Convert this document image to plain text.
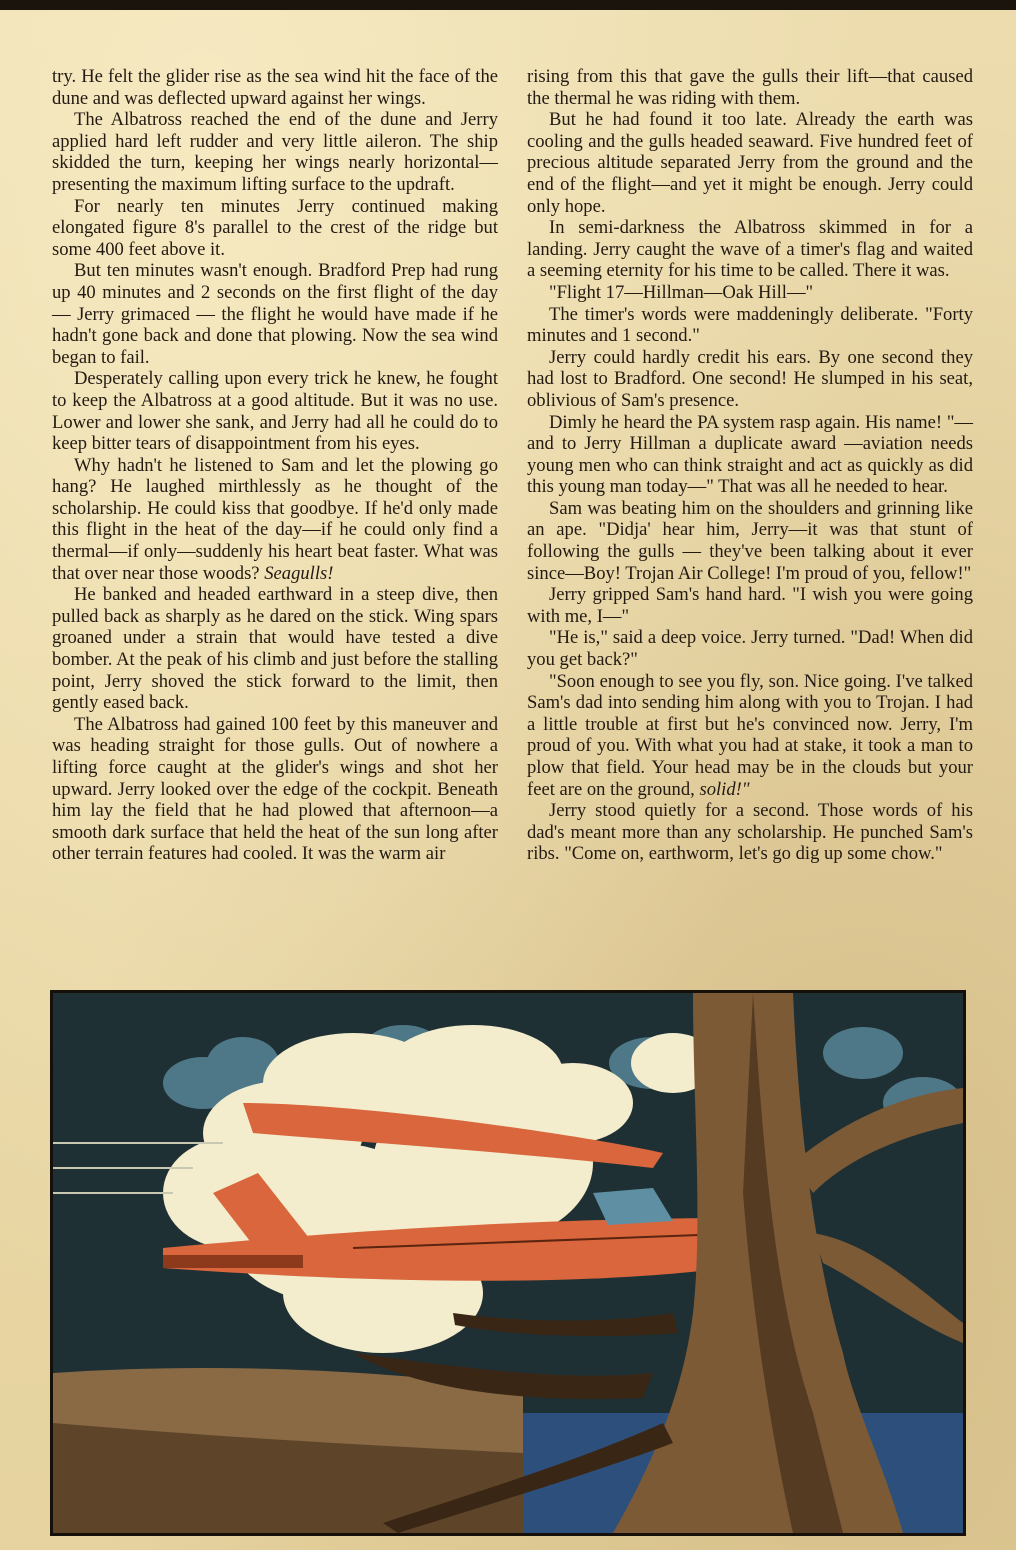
try. He felt the glider rise as the sea wind hit the face of the dune and was deflected upward against her wings.

The Albatross reached the end of the dune and Jerry applied hard left rudder and very little aileron. The ship skidded the turn, keeping her wings nearly horizontal—presenting the maximum lifting surface to the updraft.

For nearly ten minutes Jerry continued making elongated figure 8's parallel to the crest of the ridge but some 400 feet above it.

But ten minutes wasn't enough. Bradford Prep had rung up 40 minutes and 2 seconds on the first flight of the day — Jerry grimaced — the flight he would have made if he hadn't gone back and done that plowing. Now the sea wind began to fail.

Desperately calling upon every trick he knew, he fought to keep the Albatross at a good altitude. But it was no use. Lower and lower she sank, and Jerry had all he could do to keep bitter tears of disappointment from his eyes.

Why hadn't he listened to Sam and let the plowing go hang? He laughed mirthlessly as he thought of the scholarship. He could kiss that goodbye. If he'd only made this flight in the heat of the day—if he could only find a thermal—if only—suddenly his heart beat faster. What was that over near those woods? Seagulls!

He banked and headed earthward in a steep dive, then pulled back as sharply as he dared on the stick. Wing spars groaned under a strain that would have tested a dive bomber. At the peak of his climb and just before the stalling point, Jerry shoved the stick forward to the limit, then gently eased back.

The Albatross had gained 100 feet by this maneuver and was heading straight for those gulls. Out of nowhere a lifting force caught at the glider's wings and shot her upward. Jerry looked over the edge of the cockpit. Beneath him lay the field that he had plowed that afternoon—a smooth dark surface that held the heat of the sun long after other terrain features had cooled. It was the warm air

rising from this that gave the gulls their lift—that caused the thermal he was riding with them.

But he had found it too late. Already the earth was cooling and the gulls headed seaward. Five hundred feet of precious altitude separated Jerry from the ground and the end of the flight—and yet it might be enough. Jerry could only hope.

In semi-darkness the Albatross skimmed in for a landing. Jerry caught the wave of a timer's flag and waited a seeming eternity for his time to be called. There it was.

"Flight 17—Hillman—Oak Hill—"

The timer's words were maddeningly deliberate. "Forty minutes and 1 second."

Jerry could hardly credit his ears. By one second they had lost to Bradford. One second! He slumped in his seat, oblivious of Sam's presence.

Dimly he heard the PA system rasp again. His name! "—and to Jerry Hillman a duplicate award —aviation needs young men who can think straight and act as quickly as did this young man today—" That was all he needed to hear.

Sam was beating him on the shoulders and grinning like an ape. "Didja' hear him, Jerry—it was that stunt of following the gulls — they've been talking about it ever since—Boy! Trojan Air College! I'm proud of you, fellow!"

Jerry gripped Sam's hand hard. "I wish you were going with me, I—"

"He is," said a deep voice. Jerry turned. "Dad! When did you get back?"

"Soon enough to see you fly, son. Nice going. I've talked Sam's dad into sending him along with you to Trojan. I had a little trouble at first but he's convinced now. Jerry, I'm proud of you. With what you had at stake, it took a man to plow that field. Your head may be in the clouds but your feet are on the ground, solid!"

Jerry stood quietly for a second. Those words of his dad's meant more than any scholarship. He punched Sam's ribs. "Come on, earthworm, let's go dig up some chow."
